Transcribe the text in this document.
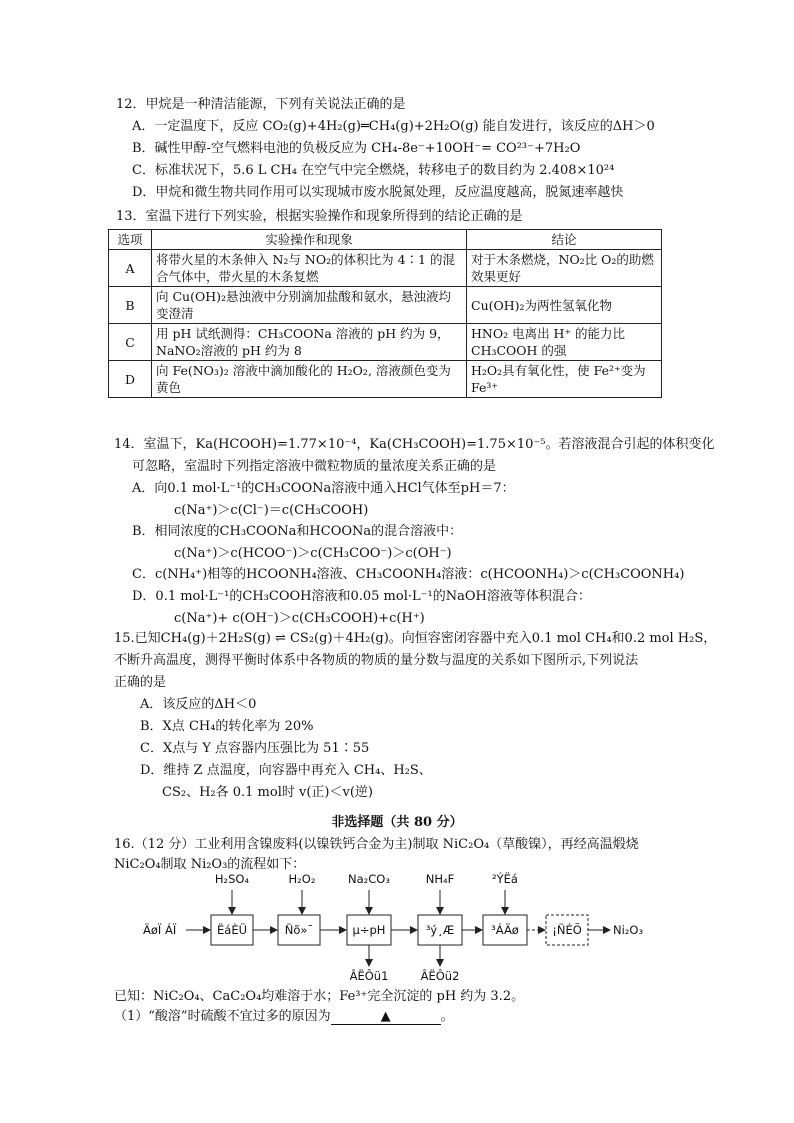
12．甲烷是一种清洁能源，下列有关说法正确的是
A．一定温度下，反应 CO₂(g)+4H₂(g)═CH₄(g)+2H₂O(g) 能自发进行，该反应的ΔH＞0
B．碱性甲醇-空气燃料电池的负极反应为 CH₄-8e⁻+10OH⁻= CO²³⁻+7H₂O
C．标准状况下，5.6 L CH₄ 在空气中完全燃烧，转移电子的数目约为 2.408×10²⁴
D．甲烷和微生物共同作用可以实现城市废水脱氮处理，反应温度越高，脱氮速率越快
13．室温下进行下列实验，根据实验操作和现象所得到的结论正确的是
选项	实验操作和现象	结论
A	将带火星的木条伸入 N₂与 NO₂的体积比为 4∶1 的混合气体中，带火星的木条复燃	对于木条燃烧，NO₂比 O₂的助燃效果更好
B	向 Cu(OH)₂悬浊液中分别滴加盐酸和氨水，悬浊液均变澄清	Cu(OH)₂为两性氢氧化物
C	用 pH 试纸测得：CH₃COONa 溶液的 pH 约为 9，NaNO₂溶液的 pH 约为 8	HNO₂ 电离出 H⁺ 的能力比 CH₃COOH 的强
D	向 Fe(NO₃)₂ 溶液中滴加酸化的 H₂O₂, 溶液颜色变为黄色	H₂O₂具有氧化性，使 Fe²⁺变为 Fe³⁺
14．室温下，Ka(HCOOH)=1.77×10⁻⁴，Ka(CH₃COOH)=1.75×10⁻⁵。若溶液混合引起的体积变化
可忽略，室温时下列指定溶液中微粒物质的量浓度关系正确的是
A．向0.1 mol·L⁻¹的CH₃COONa溶液中通入HCl气体至pH＝7：
c(Na⁺)＞c(Cl⁻)＝c(CH₃COOH)
B．相同浓度的CH₃COONa和HCOONa的混合溶液中：
c(Na⁺)＞c(HCOO⁻)＞c(CH₃COO⁻)＞c(OH⁻)
C．c(NH₄⁺)相等的HCOONH₄溶液、CH₃COONH₄溶液：c(HCOONH₄)＞c(CH₃COONH₄)
D．0.1 mol·L⁻¹的CH₃COOH溶液和0.05 mol·L⁻¹的NaOH溶液等体积混合：
c(Na⁺)+ c(OH⁻)＞c(CH₃COOH)+c(H⁺)
15.已知CH₄(g)＋2H₂S(g) ⇌ CS₂(g)＋4H₂(g)。向恒容密闭容器中充入0.1 mol CH₄和0.2 mol H₂S，
不断升高温度，测得平衡时体系中各物质的物质的量分数与温度的关系如下图所示,下列说法
正确的是
A．该反应的ΔH＜0
B．X点 CH₄的转化率为 20%
C．X点与 Y 点容器内压强比为 51∶55
D．维持 Z 点温度，向容器中再充入 CH₄、H₂S、
CS₂、H₂各 0.1 mol时 v(正)＜v(逆)
非选择题（共 80 分）
16.（12 分）工业利用含镍废料(以镍铁钙合金为主)制取 NiC₂O₄（草酸镍），再经高温煅烧
NiC₂O₄制取 Ni₂O₃的流程如下：
ÄøÏ ÁÏ	ËáÈÜ	Ñõ»¯	µ÷pH	³ý¸Æ	³ÁÄø	¡ÑÉÕ	Ni₂O₃
H₂SO₄	H₂O₂	Na₂CO₃	NH₄F	²ÝËá
ÂËÔü1	ÂËÔü2
已知：NiC₂O₄、CaC₂O₄均难溶于水；Fe³⁺完全沉淀的 pH 约为 3.2。
（1）“酸溶”时硫酸不宜过多的原因为	▲	。
